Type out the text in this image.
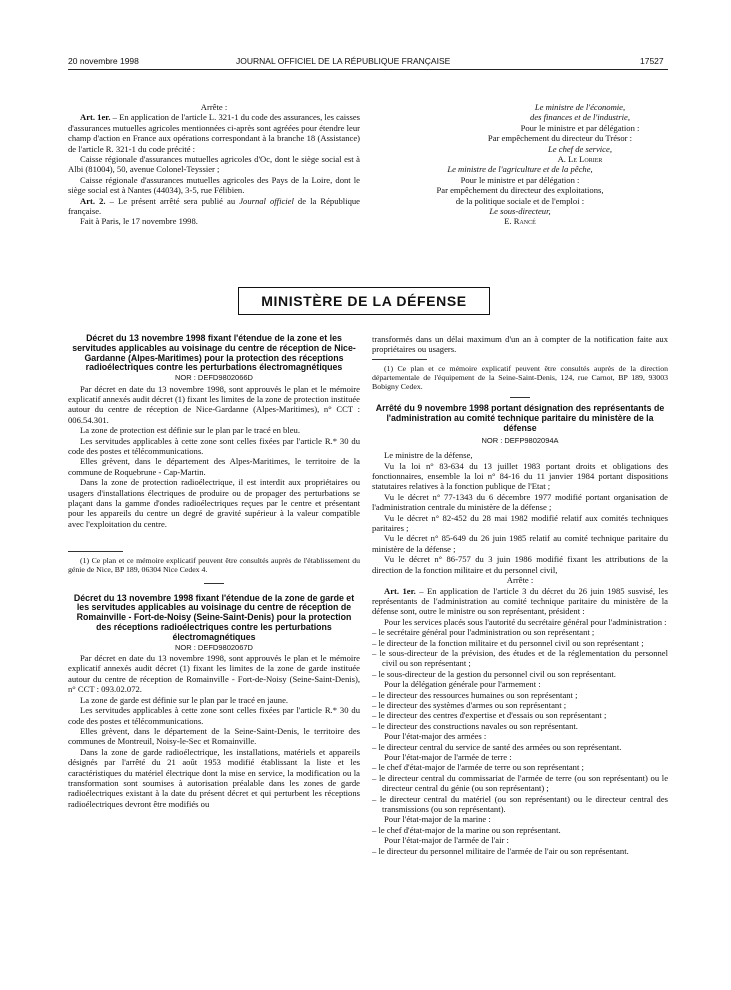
20 novembre 1998	JOURNAL OFFICIEL DE LA RÉPUBLIQUE FRANÇAISE	17527

Arrête :

Art. 1er. – En application de l'article L. 321-1 du code des assurances, les caisses d'assurances mutuelles agricoles mentionnées ci-après sont agréées pour étendre leur champ d'action en France aux opérations correspondant à la branche 18 (Assistance) de l'article R. 321-1 du code précité :

Caisse régionale d'assurances mutuelles agricoles d'Oc, dont le siège social est à Albi (81004), 50, avenue Colonel-Teyssier ;

Caisse régionale d'assurances mutuelles agricoles des Pays de la Loire, dont le siège social est à Nantes (44034), 3-5, rue Félibien.

Art. 2. – Le présent arrêté sera publié au Journal officiel de la République française.

Fait à Paris, le 17 novembre 1998.

Le ministre de l'économie,

des finances et de l'industrie,

Pour le ministre et par délégation :

Par empêchement du directeur du Trésor :

Le chef de service,

A. Le Lorier

Le ministre de l'agriculture et de la pêche,

Pour le ministre et par délégation :

Par empêchement du directeur des exploitations,

de la politique sociale et de l'emploi :

Le sous-directeur,

E. Rancé

MINISTÈRE DE LA DÉFENSE

Décret du 13 novembre 1998 fixant l'étendue de la zone et les servitudes applicables au voisinage du centre de réception de Nice-Gardanne (Alpes-Maritimes) pour la protection des réceptions radioélectriques contre les perturbations électromagnétiques

NOR : DEFD9802066D

Par décret en date du 13 novembre 1998, sont approuvés le plan et le mémoire explicatif annexés audit décret (1) fixant les limites de la zone de protection instituée autour du centre de réception de Nice-Gardanne (Alpes-Maritimes), n° CCT : 006.54.301.

La zone de protection est définie sur le plan par le tracé en bleu.

Les servitudes applicables à cette zone sont celles fixées par l'article R.* 30 du code des postes et télécommunications.

Elles grèvent, dans le département des Alpes-Maritimes, le territoire de la commune de Roquebrune - Cap-Martin.

Dans la zone de protection radioélectrique, il est interdit aux propriétaires ou usagers d'installations électriques de produire ou de propager des perturbations se plaçant dans la gamme d'ondes radioélectriques reçues par le centre et présentant pour les appareils du centre un degré de gravité supérieur à la valeur compatible avec l'exploitation du centre.

(1) Ce plan et ce mémoire explicatif peuvent être consultés auprès de l'établissement du génie de Nice, BP 189, 06304 Nice Cedex 4.

Décret du 13 novembre 1998 fixant l'étendue de la zone de garde et les servitudes applicables au voisinage du centre de réception de Romainville - Fort-de-Noisy (Seine-Saint-Denis) pour la protection des réceptions radioélectriques contre les perturbations électromagnétiques

NOR : DEFD9802067D

Par décret en date du 13 novembre 1998, sont approuvés le plan et le mémoire explicatif annexés audit décret (1) fixant les limites de la zone de garde instituée autour du centre de réception de Romainville - Fort-de-Noisy (Seine-Saint-Denis), n° CCT : 093.02.072.

La zone de garde est définie sur le plan par le tracé en jaune.

Les servitudes applicables à cette zone sont celles fixées par l'article R.* 30 du code des postes et télécommunications.

Elles grèvent, dans le département de la Seine-Saint-Denis, le territoire des communes de Montreuil, Noisy-le-Sec et Romainville.

Dans la zone de garde radioélectrique, les installations, matériels et appareils désignés par l'arrêté du 21 août 1953 modifié établissant la liste et les caractéristiques du matériel électrique dont la mise en service, la modification ou la transformation sont soumises à autorisation préalable dans les zones de garde radioélectriques existant à la date du présent décret et qui perturbent les réceptions radioélectriques devront être modifiés ou

transformés dans un délai maximum d'un an à compter de la notification faite aux propriétaires ou usagers.

(1) Ce plan et ce mémoire explicatif peuvent être consultés auprès de la direction départementale de l'équipement de la Seine-Saint-Denis, 124, rue Carnot, BP 189, 93003 Bobigny Cedex.

Arrêté du 9 novembre 1998 portant désignation des représentants de l'administration au comité technique paritaire du ministère de la défense

NOR : DEFP9802094A

Le ministre de la défense,

Vu la loi n° 83-634 du 13 juillet 1983 portant droits et obligations des fonctionnaires, ensemble la loi n° 84-16 du 11 janvier 1984 portant dispositions statutaires relatives à la fonction publique de l'Etat ;

Vu le décret n° 77-1343 du 6 décembre 1977 modifié portant organisation de l'administration centrale du ministère de la défense ;

Vu le décret n° 82-452 du 28 mai 1982 modifié relatif aux comités techniques paritaires ;

Vu le décret n° 85-649 du 26 juin 1985 relatif au comité technique paritaire du ministère de la défense ;

Vu le décret n° 86-757 du 3 juin 1986 modifié fixant les attributions de la direction de la fonction militaire et du personnel civil,

Arrête :

Art. 1er. – En application de l'article 3 du décret du 26 juin 1985 susvisé, les représentants de l'administration au comité technique paritaire du ministère de la défense sont, outre le ministre ou son représentant, président :

Pour les services placés sous l'autorité du secrétaire général pour l'administration :

– le secrétaire général pour l'administration ou son représentant ;

– le directeur de la fonction militaire et du personnel civil ou son représentant ;

– le sous-directeur de la prévision, des études et de la réglementation du personnel civil ou son représentant ;

– le sous-directeur de la gestion du personnel civil ou son représentant.

Pour la délégation générale pour l'armement :

– le directeur des ressources humaines ou son représentant ;

– le directeur des systèmes d'armes ou son représentant ;

– le directeur des centres d'expertise et d'essais ou son représentant ;

– le directeur des constructions navales ou son représentant.

Pour l'état-major des armées :

– le directeur central du service de santé des armées ou son représentant.

Pour l'état-major de l'armée de terre :

– le chef d'état-major de l'armée de terre ou son représentant ;

– le directeur central du commissariat de l'armée de terre (ou son représentant) ou le directeur central du génie (ou son représentant) ;

– le directeur central du matériel (ou son représentant) ou le directeur central des transmissions (ou son représentant).

Pour l'état-major de la marine :

– le chef d'état-major de la marine ou son représentant.

Pour l'état-major de l'armée de l'air :

– le directeur du personnel militaire de l'armée de l'air ou son représentant.
